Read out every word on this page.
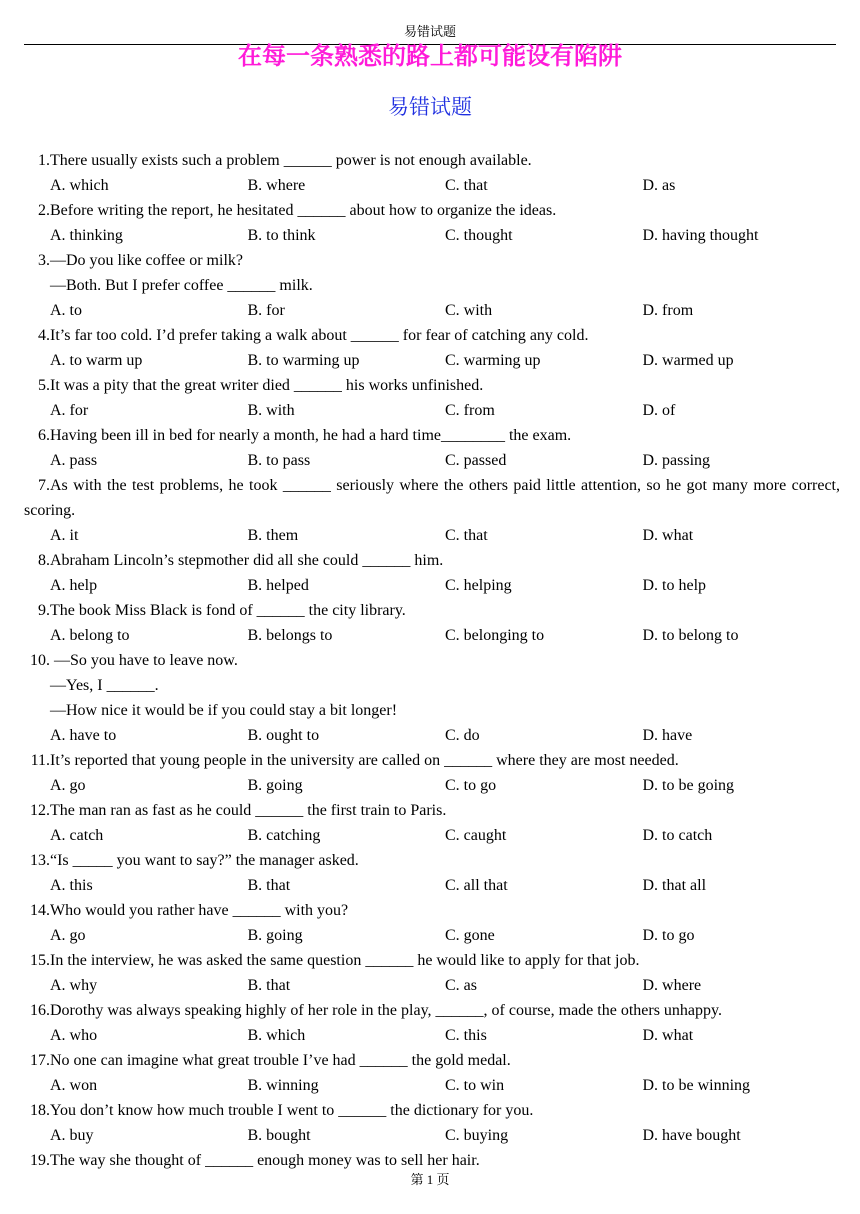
易错试题
在每一条熟悉的路上都可能设有陷阱
易错试题
1.There usually exists such a problem ______ power is not enough available.
A. which	B. where	C. that	D. as
2.Before writing the report, he hesitated ______ about how to organize the ideas.
A. thinking	B. to think	C. thought	D. having thought
3.—Do you like coffee or milk?
—Both. But I prefer coffee ______ milk.
A. to	B. for	C. with	D. from
4.It’s far too cold. I’d prefer taking a walk about ______ for fear of catching any cold.
A. to warm up	B. to warming up	C. warming up	D. warmed up
5.It was a pity that the great writer died ______ his works unfinished.
A. for	B. with	C. from	D. of
6.Having been ill in bed for nearly a month, he had a hard time________ the exam.
A. pass	B. to pass	C. passed	D. passing
7.As with the test problems, he took ______ seriously where the others paid little attention, so he got many more correct, scoring.
A. it	B. them	C. that	D. what
8.Abraham Lincoln’s stepmother did all she could ______ him.
A. help	B. helped	C. helping	D. to help
9.The book Miss Black is fond of ______ the city library.
A. belong to	B. belongs to	C. belonging to	D. to belong to
10. —So you have to leave now.
—Yes, I ______.
—How nice it would be if you could stay a bit longer!
A. have to	B. ought to	C. do	D. have
11.It’s reported that young people in the university are called on ______ where they are most needed.
A. go	B. going	C. to go	D. to be going
12.The man ran as fast as he could ______ the first train to Paris.
A. catch	B. catching	C. caught	D. to catch
13.“Is _____ you want to say?” the manager asked.
A. this	B. that	C. all that	D. that all
14.Who would you rather have ______ with you?
A. go	B. going	C. gone	D. to go
15.In the interview, he was asked the same question ______ he would like to apply for that job.
A. why	B. that	C. as	D. where
16.Dorothy was always speaking highly of her role in the play, ______, of course, made the others unhappy.
A. who	B. which	C. this	D. what
17.No one can imagine what great trouble I’ve had ______ the gold medal.
A. won	B. winning	C. to win	D. to be winning
18.You don’t know how much trouble I went to ______ the dictionary for you.
A. buy	B. bought	C. buying	D. have bought
19.The way she thought of ______ enough money was to sell her hair.
第 1 页
